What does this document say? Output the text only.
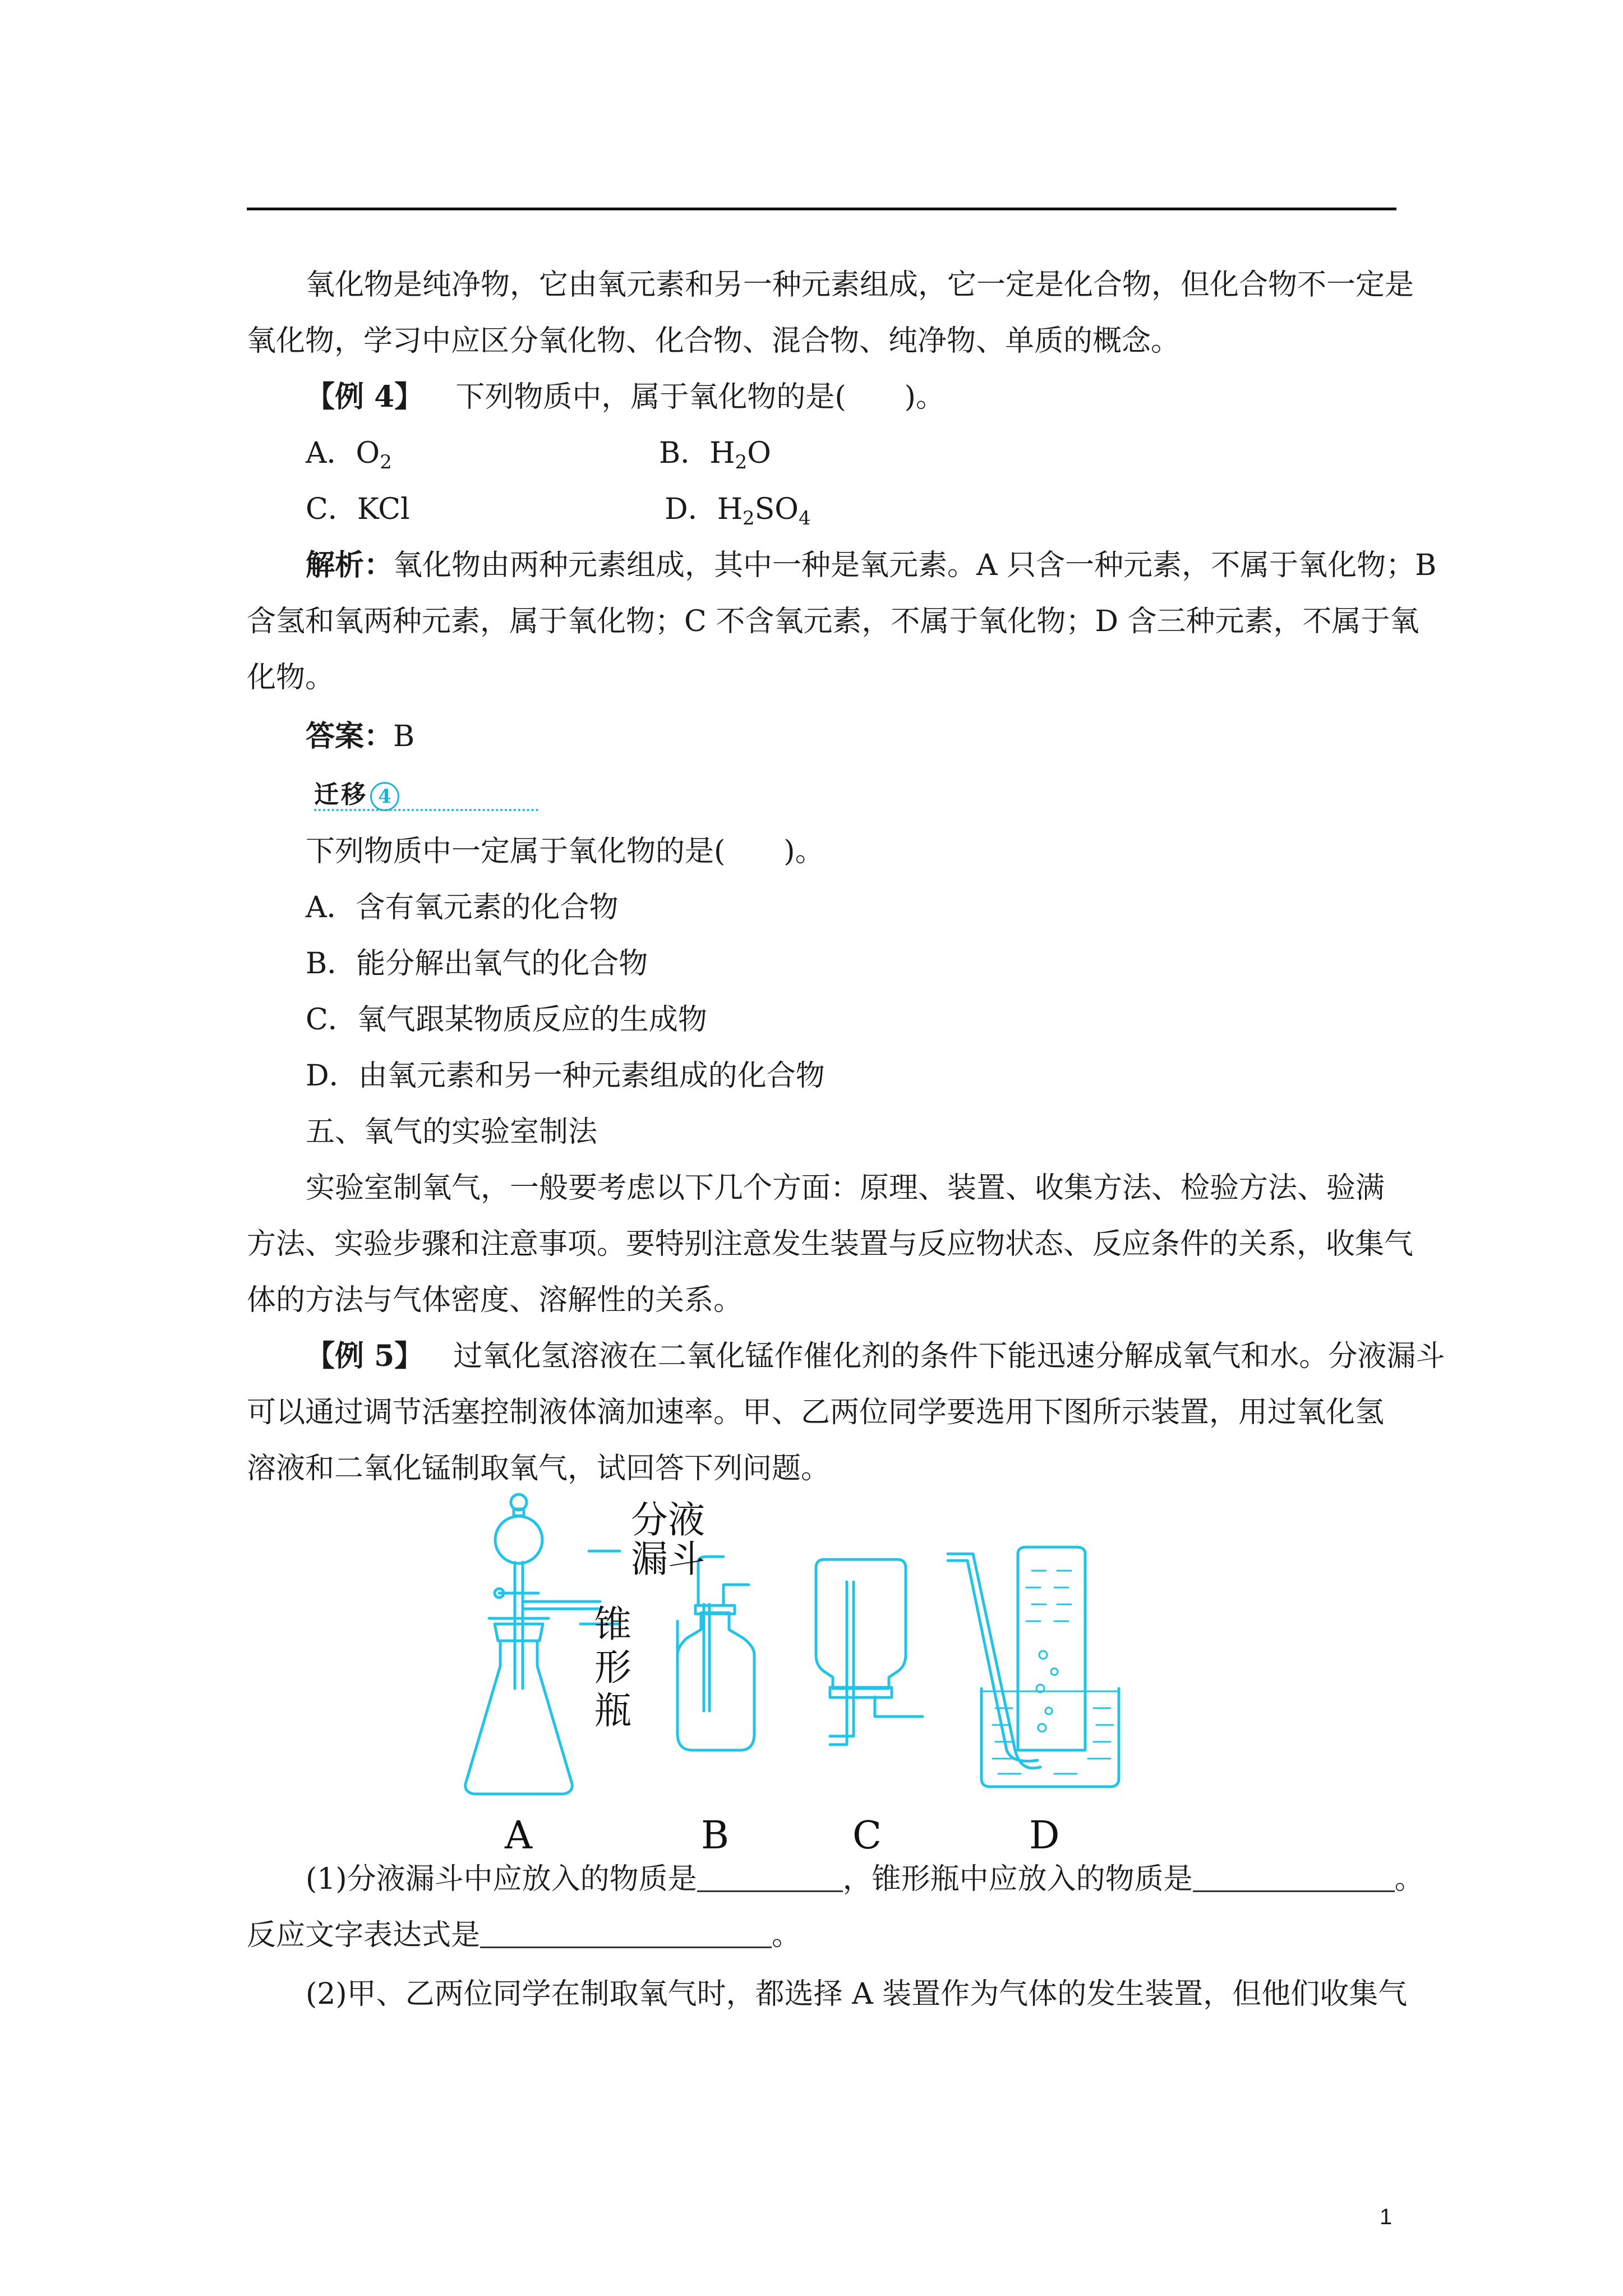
氧化物是纯净物，它由氧元素和另一种元素组成，它一定是化合物，但化合物不一定是
氧化物，学习中应区分氧化物、化合物、混合物、纯净物、单质的概念。
【例 4】 下列物质中，属于氧化物的是(　　)。
A．$O_2$	B．$H_2O$
C．KCl	D．$H_2SO_4$
解析：氧化物由两种元素组成，其中一种是氧元素。A 只含一种元素，不属于氧化物；B
含氢和氧两种元素，属于氧化物；C 不含氧元素，不属于氧化物；D 含三种元素，不属于氧
化物。
答案：B
迁移 4
下列物质中一定属于氧化物的是(　　)。
A．含有氧元素的化合物
B．能分解出氧气的化合物
C．氧气跟某物质反应的生成物
D．由氧元素和另一种元素组成的化合物
五、氧气的实验室制法
实验室制氧气，一般要考虑以下几个方面：原理、装置、收集方法、检验方法、验满
方法、实验步骤和注意事项。要特别注意发生装置与反应物状态、反应条件的关系，收集气
体的方法与气体密度、溶解性的关系。
【例 5】 过氧化氢溶液在二氧化锰作催化剂的条件下能迅速分解成氧气和水。分液漏斗
可以通过调节活塞控制液体滴加速率。甲、乙两位同学要选用下图所示装置，用过氧化氢
溶液和二氧化锰制取氧气，试回答下列问题。
分液
漏斗
锥
形
瓶
A	B	C	D
(1)分液漏斗中应放入的物质是	，锥形瓶中应放入的物质是	。
反应文字表达式是	。
(2)甲、乙两位同学在制取氧气时，都选择 A 装置作为气体的发生装置，但他们收集气
1
